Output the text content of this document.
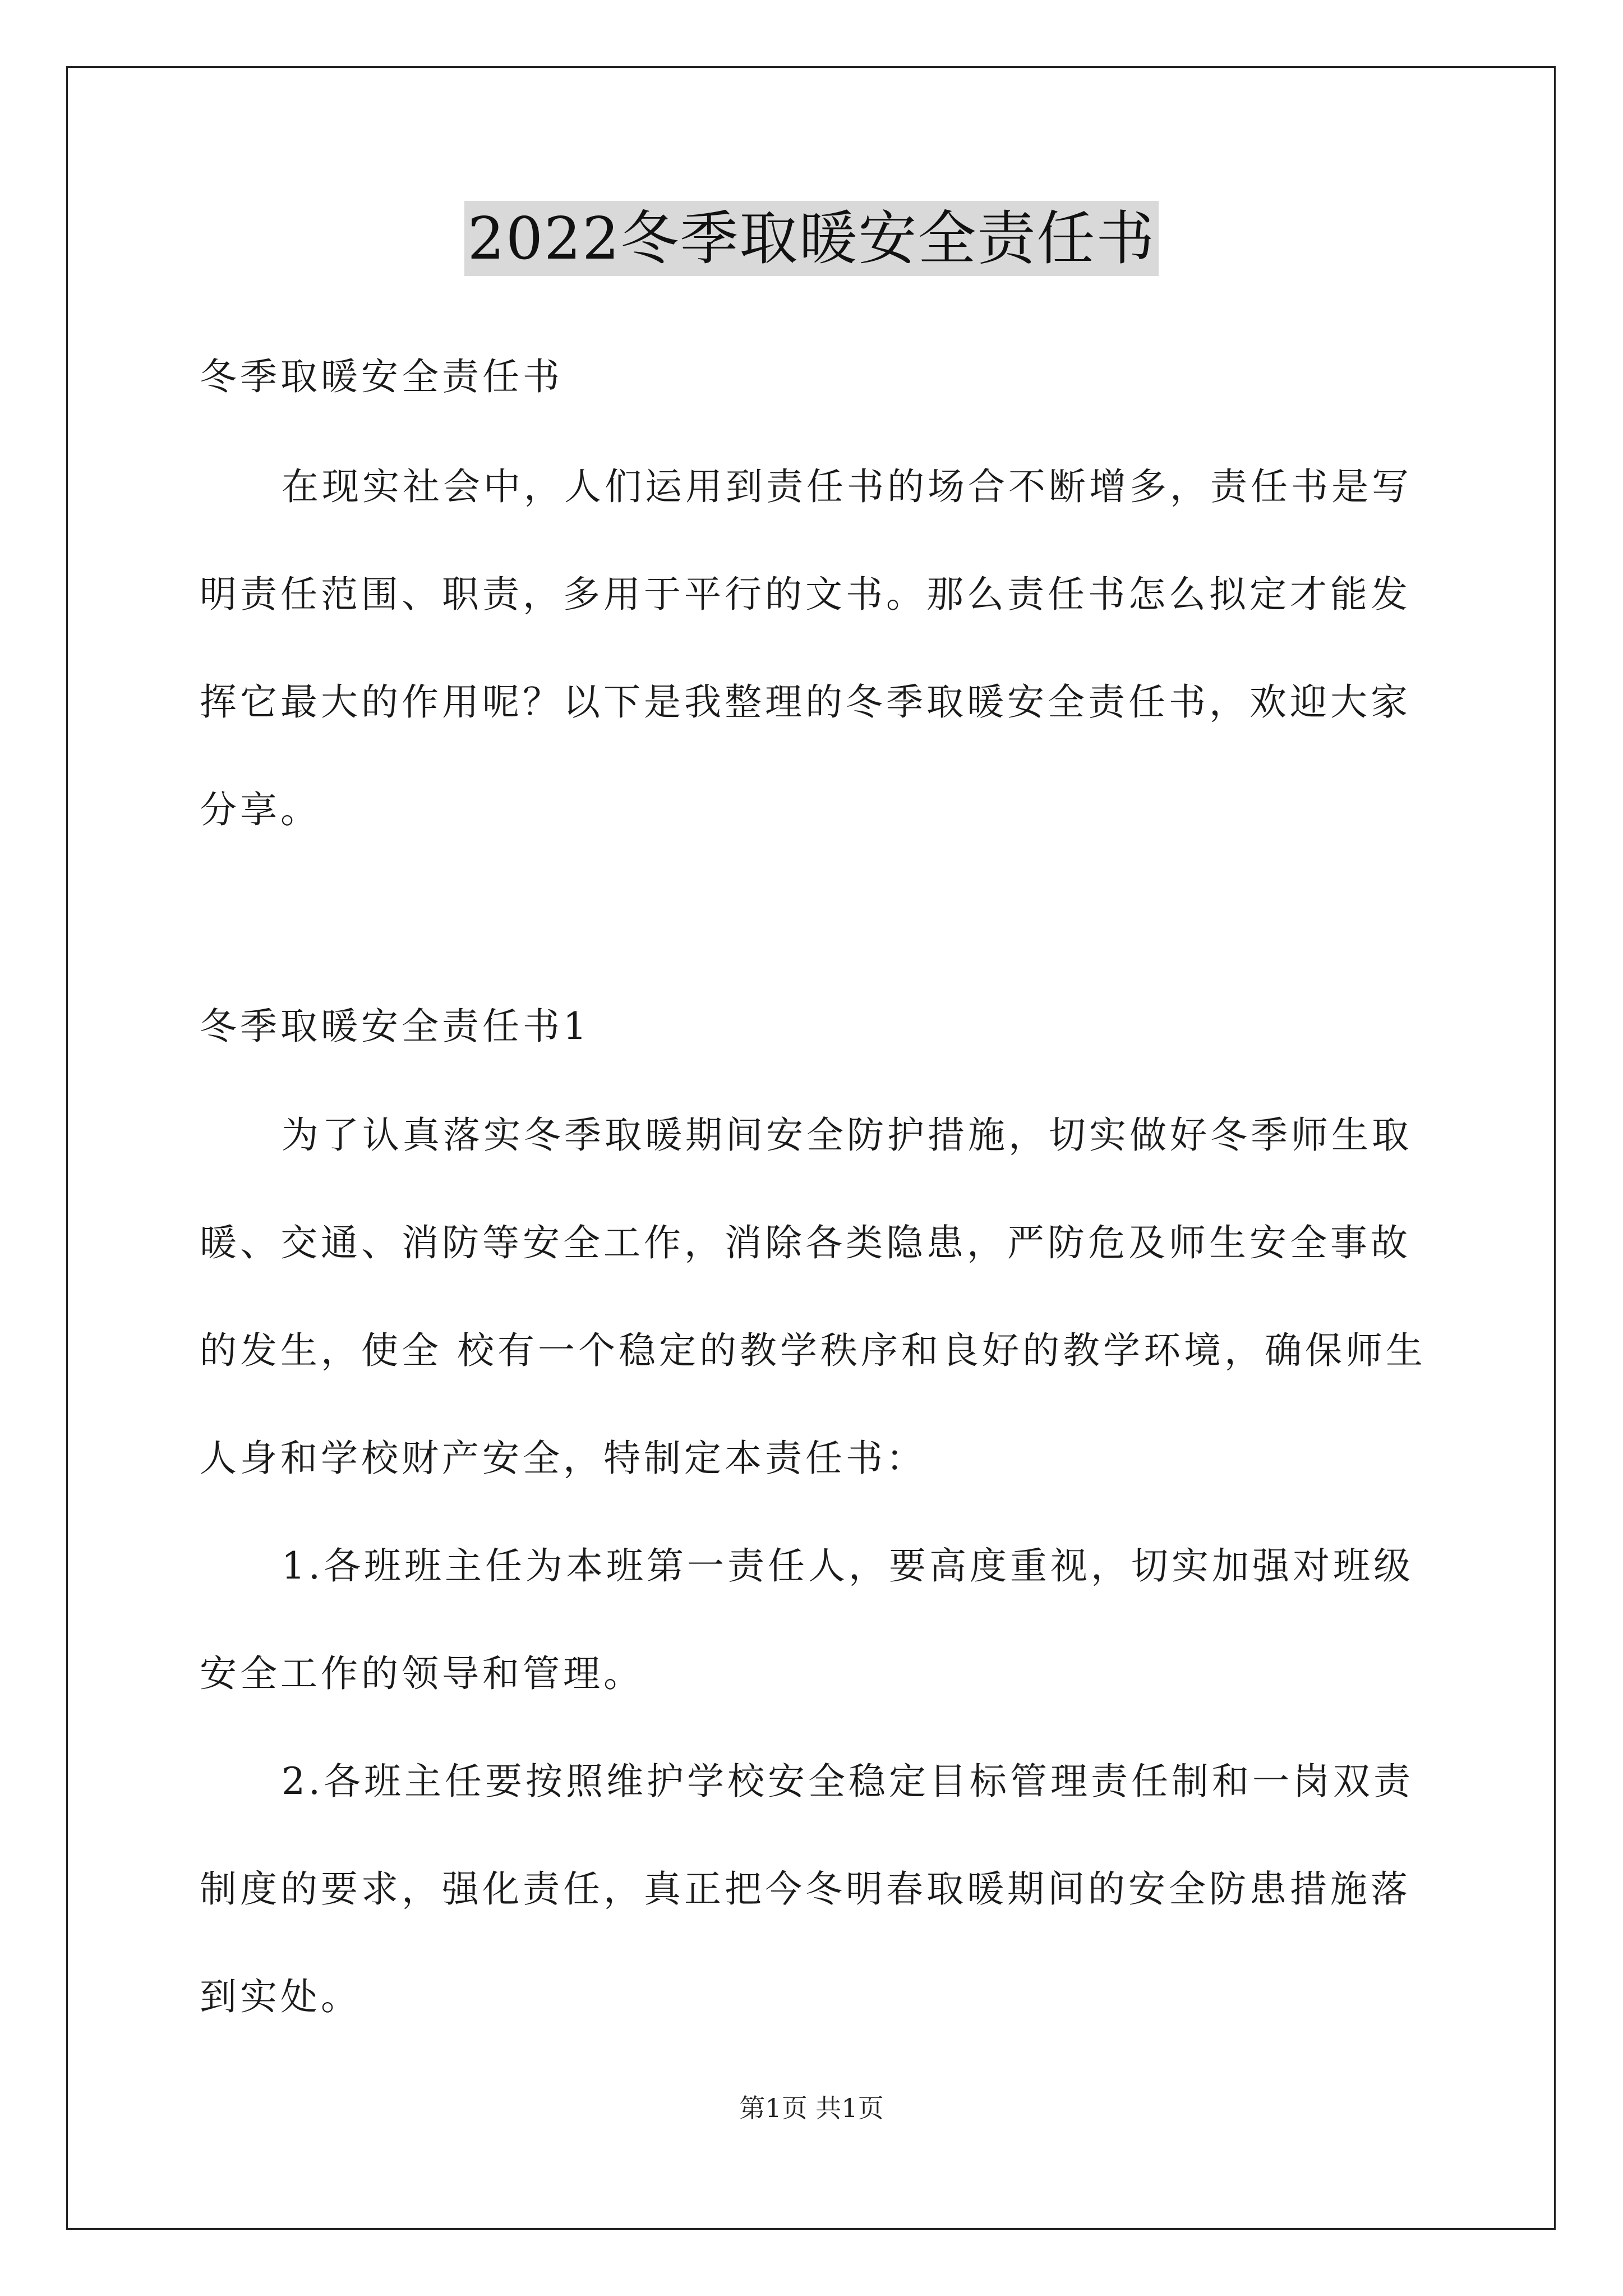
2022冬季取暖安全责任书
冬季取暖安全责任书
在现实社会中，人们运用到责任书的场合不断增多，责任书是写
明责任范围、职责，多用于平行的文书。那么责任书怎么拟定才能发
挥它最大的作用呢？以下是我整理的冬季取暖安全责任书，欢迎大家
分享。
冬季取暖安全责任书1
为了认真落实冬季取暖期间安全防护措施，切实做好冬季师生取
暖、交通、消防等安全工作，消除各类隐患，严防危及师生安全事故
的发生，使全 校有一个稳定的教学秩序和良好的教学环境，确保师生
人身和学校财产安全，特制定本责任书：
1.各班班主任为本班第一责任人，要高度重视，切实加强对班级
安全工作的领导和管理。
2.各班主任要按照维护学校安全稳定目标管理责任制和一岗双责
制度的要求，强化责任，真正把今冬明春取暖期间的安全防患措施落
到实处。
第1页 共1页
